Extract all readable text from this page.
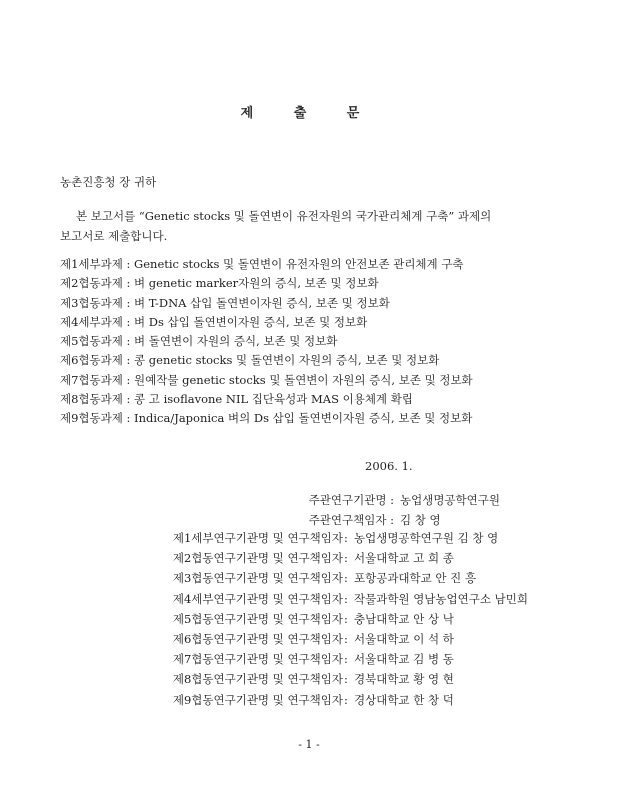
제 출 문
농촌진흥청 장 귀하
본 보고서를 “Genetic stocks 및 돌연변이 유전자원의 국가관리체계 구축” 과제의
보고서로 제출합니다.
제1세부과제 : Genetic stocks 및 돌연변이 유전자원의 안전보존 관리체계 구축
제2협동과제 : 벼 genetic marker자원의 증식, 보존 및 정보화
제3협동과제 : 벼 T-DNA 삽입 돌연변이자원 증식, 보존 및 정보화
제4세부과제 : 벼 Ds 삽입 돌연변이자원 증식, 보존 및 정보화
제5협동과제 : 벼 돌연변이 자원의 증식, 보존 및 정보화
제6협동과제 : 콩 genetic stocks 및 돌연변이 자원의 증식, 보존 및 정보화
제7협동과제 : 원예작물 genetic stocks 및 돌연변이 자원의 증식, 보존 및 정보화
제8협동과제 : 콩 고 isoflavone NIL 집단육성과 MAS 이용체계 확립
제9협동과제 : Indica/Japonica 벼의 Ds 삽입 돌연변이자원 증식, 보존 및 정보화
2006. 1.
주관연구기관명 : 농업생명공학연구원
주관연구책임자 : 김 창 영
제1세부연구기관명 및 연구책임자 : 농업생명공학연구원 김 창 영
제2협동연구기관명 및 연구책임자 : 서울대학교 고 희 종
제3협동연구기관명 및 연구책임자 : 포항공과대학교 안 진 흥
제4세부연구기관명 및 연구책임자 : 작물과학원 영남농업연구소 남민희
제5협동연구기관명 및 연구책임자 : 충남대학교 안 상 낙
제6협동연구기관명 및 연구책임자 : 서울대학교 이 석 하
제7협동연구기관명 및 연구책임자 : 서울대학교 김 병 동
제8협동연구기관명 및 연구책임자 : 경북대학교 황 영 현
제9협동연구기관명 및 연구책임자 : 경상대학교 한 창 덕
- 1 -
